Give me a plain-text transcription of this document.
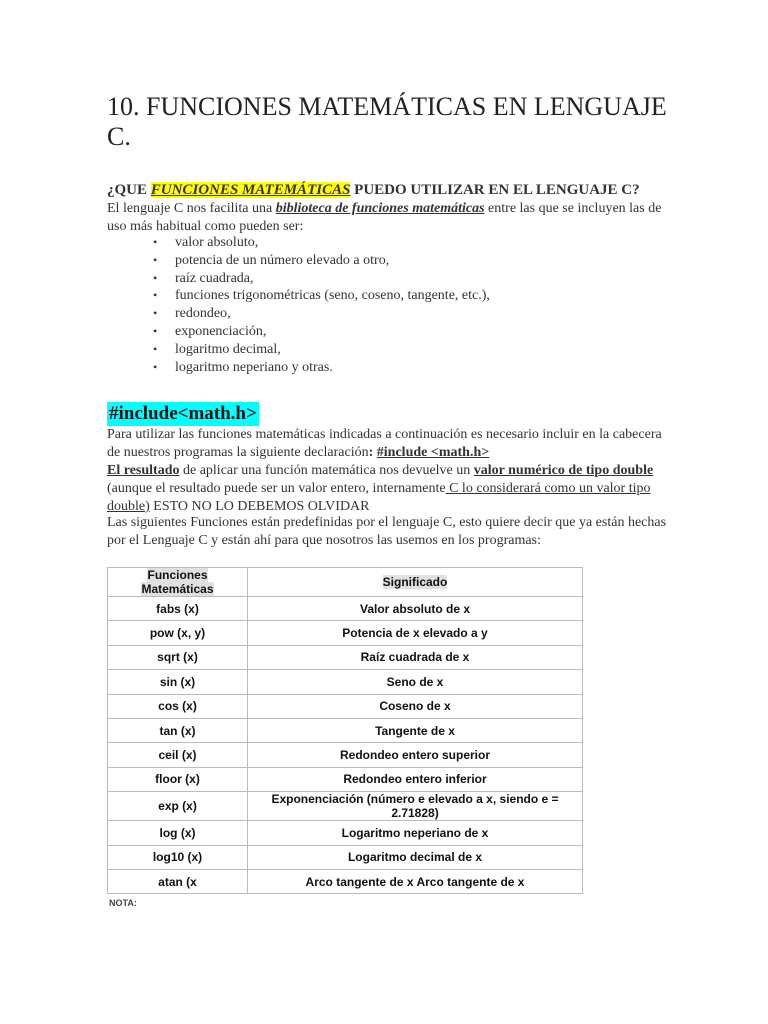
10. FUNCIONES MATEMÁTICAS EN LENGUAJE C.

¿QUE FUNCIONES MATEMÁTICAS PUEDO UTILIZAR EN EL LENGUAJE C?

El lenguaje C nos facilita una biblioteca de funciones matemáticas entre las que se incluyen las de uso más habitual como pueden ser:

• valor absoluto,
• potencia de un número elevado a otro,
• raíz cuadrada,
• funciones trigonométricas (seno, coseno, tangente, etc.),
• redondeo,
• exponenciación,
• logaritmo decimal,
• logaritmo neperiano y otras.
#include<math.h>

Para utilizar las funciones matemáticas indicadas a continuación es necesario incluir en la cabecera de nuestros programas la siguiente declaración: #include <math.h>

El resultado de aplicar una función matemática nos devuelve un valor numérico de tipo double (aunque el resultado puede ser un valor entero, internamente C lo considerará como un valor tipo double) ESTO NO LO DEBEMOS OLVIDAR

Las siguientes Funciones están predefinidas por el lenguaje C, esto quiere decir que ya están hechas por el Lenguaje C y están ahí para que nosotros las usemos en los programas:

Funciones Matemáticas	Significado
fabs (x)	Valor absoluto de x
pow (x, y)	Potencia de x elevado a y
sqrt (x)	Raíz cuadrada de x
sin (x)	Seno de x
cos (x)	Coseno de x
tan (x)	Tangente de x
ceil (x)	Redondeo entero superior
floor (x)	Redondeo entero inferior
exp (x)	Exponenciación (número e elevado a x, siendo e = 2.71828)
log (x)	Logaritmo neperiano de x
log10 (x)	Logaritmo decimal de x
atan (x	Arco tangente de x Arco tangente de x
NOTA:
